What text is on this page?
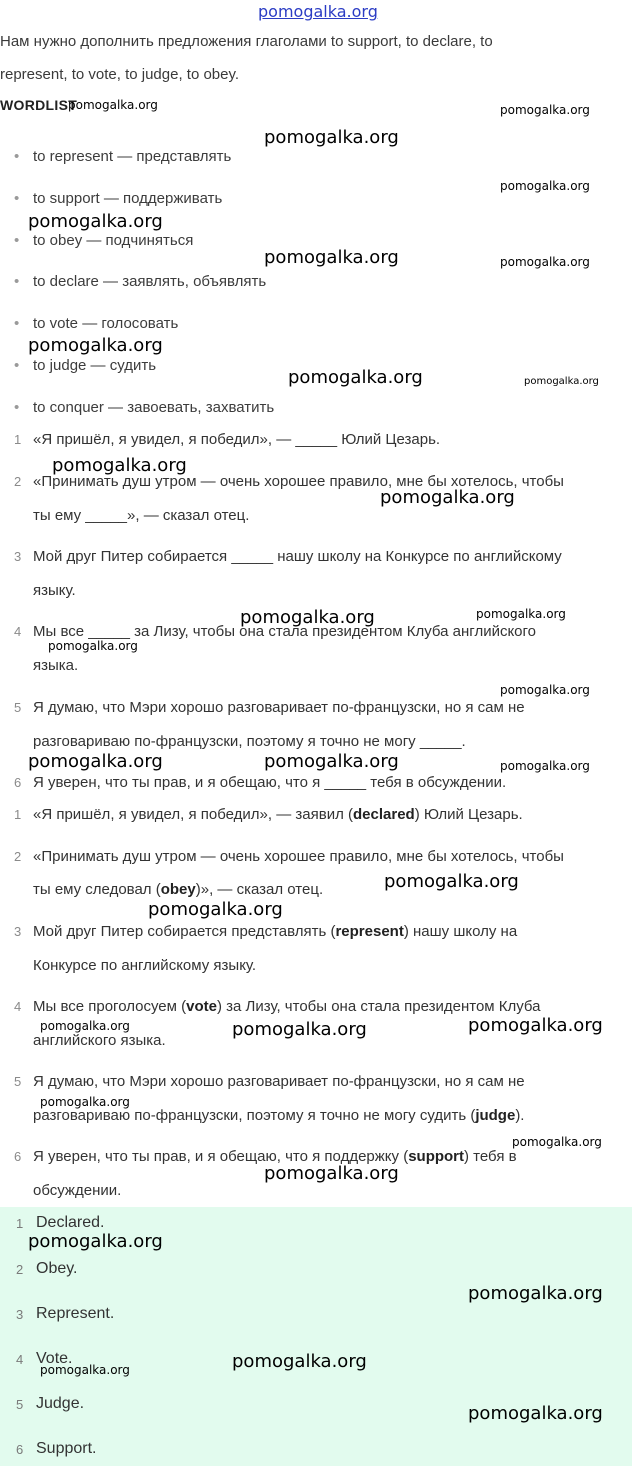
pomogalka.org
Нам нужно дополнить предложения глаголами to support, to declare, to
represent, to vote, to judge, to obey.
WORDLIST
• to represent — представлять
• to support — поддерживать
• to obey — подчиняться
• to declare — заявлять, объявлять
• to vote — голосовать
• to judge — судить
• to conquer — завоевать, захватить
1 «Я пришёл, я увидел, я победил», — _____ Юлий Цезарь.
2 «Принимать душ утром — очень хорошее правило, мне бы хотелось, чтобы
ты ему _____», — сказал отец.
3 Мой друг Питер собирается _____ нашу школу на Конкурсе по английскому
языку.
4 Мы все _____ за Лизу, чтобы она стала президентом Клуба английского
языка.
5 Я думаю, что Мэри хорошо разговаривает по-французски, но я сам не
разговариваю по-французски, поэтому я точно не могу _____.
6 Я уверен, что ты прав, и я обещаю, что я _____ тебя в обсуждении.
1 «Я пришёл, я увидел, я победил», — заявил (declared) Юлий Цезарь.
2 «Принимать душ утром — очень хорошее правило, мне бы хотелось, чтобы
ты ему следовал (obey)», — сказал отец.
3 Мой друг Питер собирается представлять (represent) нашу школу на
Конкурсе по английскому языку.
4 Мы все проголосуем (vote) за Лизу, чтобы она стала президентом Клуба
английского языка.
5 Я думаю, что Мэри хорошо разговаривает по-французски, но я сам не
разговариваю по-французски, поэтому я точно не могу судить (judge).
6 Я уверен, что ты прав, и я обещаю, что я поддержку (support) тебя в
обсуждении.
1 Declared.
2 Obey.
3 Represent.
4 Vote.
5 Judge.
6 Support.
pomogalka.org	pomogalka.org
pomogalka.org
pomogalka.org
pomogalka.org
pomogalka.org	pomogalka.org
pomogalka.org
pomogalka.org	pomogalka.org
pomogalka.org
pomogalka.org
pomogalka.org	pomogalka.org
pomogalka.org
pomogalka.org
pomogalka.org	pomogalka.org	pomogalka.org
pomogalka.org
pomogalka.org
pomogalka.org	pomogalka.org	pomogalka.org
pomogalka.org
pomogalka.org
pomogalka.org
pomogalka.org
pomogalka.org
pomogalka.org
pomogalka.org
pomogalka.org
